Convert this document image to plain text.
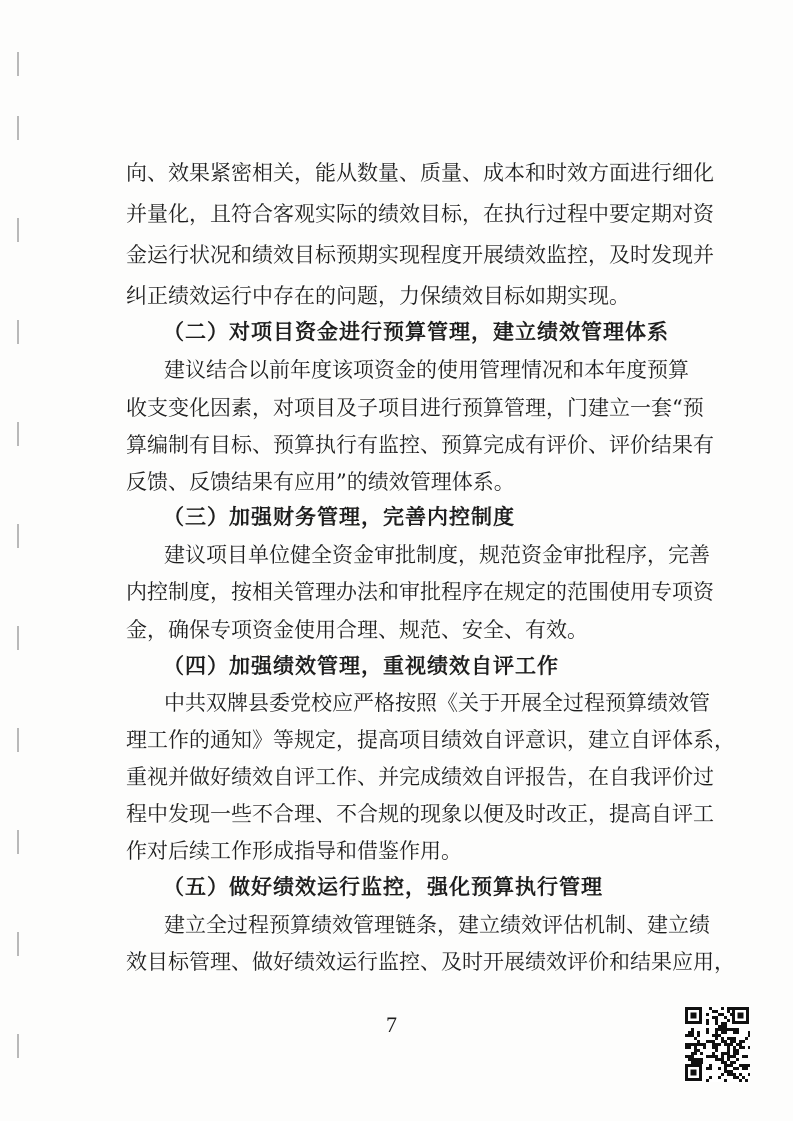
向、效果紧密相关，能从数量、质量、成本和时效方面进行细化
并量化，且符合客观实际的绩效目标，在执行过程中要定期对资
金运行状况和绩效目标预期实现程度开展绩效监控，及时发现并
纠正绩效运行中存在的问题，力保绩效目标如期实现。
（二）对项目资金进行预算管理，建立绩效管理体系
建议结合以前年度该项资金的使用管理情况和本年度预算
收支变化因素，对项目及子项目进行预算管理，门建立一套“预
算编制有目标、预算执行有监控、预算完成有评价、评价结果有
反馈、反馈结果有应用”的绩效管理体系。
（三）加强财务管理，完善内控制度
建议项目单位健全资金审批制度，规范资金审批程序，完善
内控制度，按相关管理办法和审批程序在规定的范围使用专项资
金，确保专项资金使用合理、规范、安全、有效。
（四）加强绩效管理，重视绩效自评工作
中共双牌县委党校应严格按照《关于开展全过程预算绩效管
理工作的通知》等规定，提高项目绩效自评意识，建立自评体系，
重视并做好绩效自评工作、并完成绩效自评报告，在自我评价过
程中发现一些不合理、不合规的现象以便及时改正，提高自评工
作对后续工作形成指导和借鉴作用。
（五）做好绩效运行监控，强化预算执行管理
建立全过程预算绩效管理链条，建立绩效评估机制、建立绩
效目标管理、做好绩效运行监控、及时开展绩效评价和结果应用，
7
